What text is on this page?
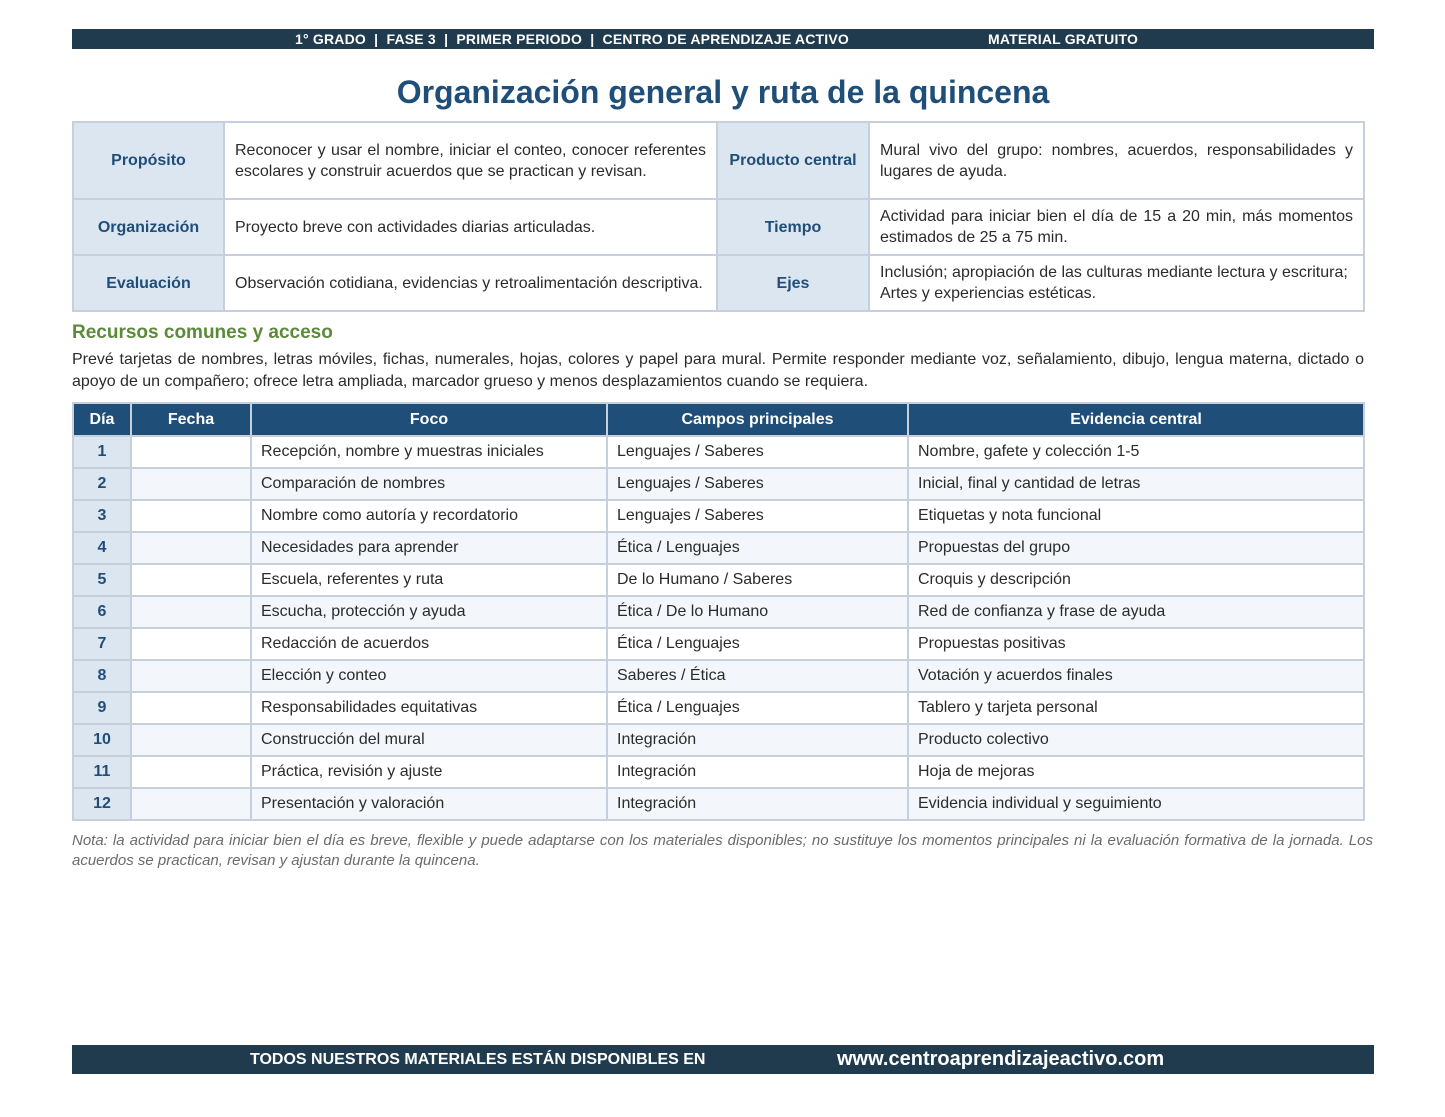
1° GRADO  |  FASE 3  |  PRIMER PERIODO  |  CENTRO DE APRENDIZAJE ACTIVO	MATERIAL GRATUITO
Organización general y ruta de la quincena
Propósito	Reconocer y usar el nombre, iniciar el conteo, conocer referentes escolares y construir acuerdos que se practican y revisan.	Producto central	Mural vivo del grupo: nombres, acuerdos, responsabilidades y lugares de ayuda.
Organización	Proyecto breve con actividades diarias articuladas.	Tiempo	Actividad para iniciar bien el día de 15 a 20 min, más momentos estimados de 25 a 75 min.
Evaluación	Observación cotidiana, evidencias y retroalimentación descriptiva.	Ejes	Inclusión; apropiación de las culturas mediante lectura y escritura; Artes y experiencias estéticas.
Recursos comunes y acceso

Prevé tarjetas de nombres, letras móviles, fichas, numerales, hojas, colores y papel para mural. Permite responder mediante voz, señalamiento, dibujo, lengua materna, dictado o apoyo de un compañero; ofrece letra ampliada, marcador grueso y menos desplazamientos cuando se requiera.

Día	Fecha	Foco	Campos principales	Evidencia central
1		Recepción, nombre y muestras iniciales	Lenguajes / Saberes	Nombre, gafete y colección 1-5
2		Comparación de nombres	Lenguajes / Saberes	Inicial, final y cantidad de letras
3		Nombre como autoría y recordatorio	Lenguajes / Saberes	Etiquetas y nota funcional
4		Necesidades para aprender	Ética / Lenguajes	Propuestas del grupo
5		Escuela, referentes y ruta	De lo Humano / Saberes	Croquis y descripción
6		Escucha, protección y ayuda	Ética / De lo Humano	Red de confianza y frase de ayuda
7		Redacción de acuerdos	Ética / Lenguajes	Propuestas positivas
8		Elección y conteo	Saberes / Ética	Votación y acuerdos finales
9		Responsabilidades equitativas	Ética / Lenguajes	Tablero y tarjeta personal
10		Construcción del mural	Integración	Producto colectivo
11		Práctica, revisión y ajuste	Integración	Hoja de mejoras
12		Presentación y valoración	Integración	Evidencia individual y seguimiento

Nota: la actividad para iniciar bien el día es breve, flexible y puede adaptarse con los materiales disponibles; no sustituye los momentos principales ni la evaluación formativa de la jornada. Los acuerdos se practican, revisan y ajustan durante la quincena.

TODOS NUESTROS MATERIALES ESTÁN DISPONIBLES EN	www.centroaprendizajeactivo.com
